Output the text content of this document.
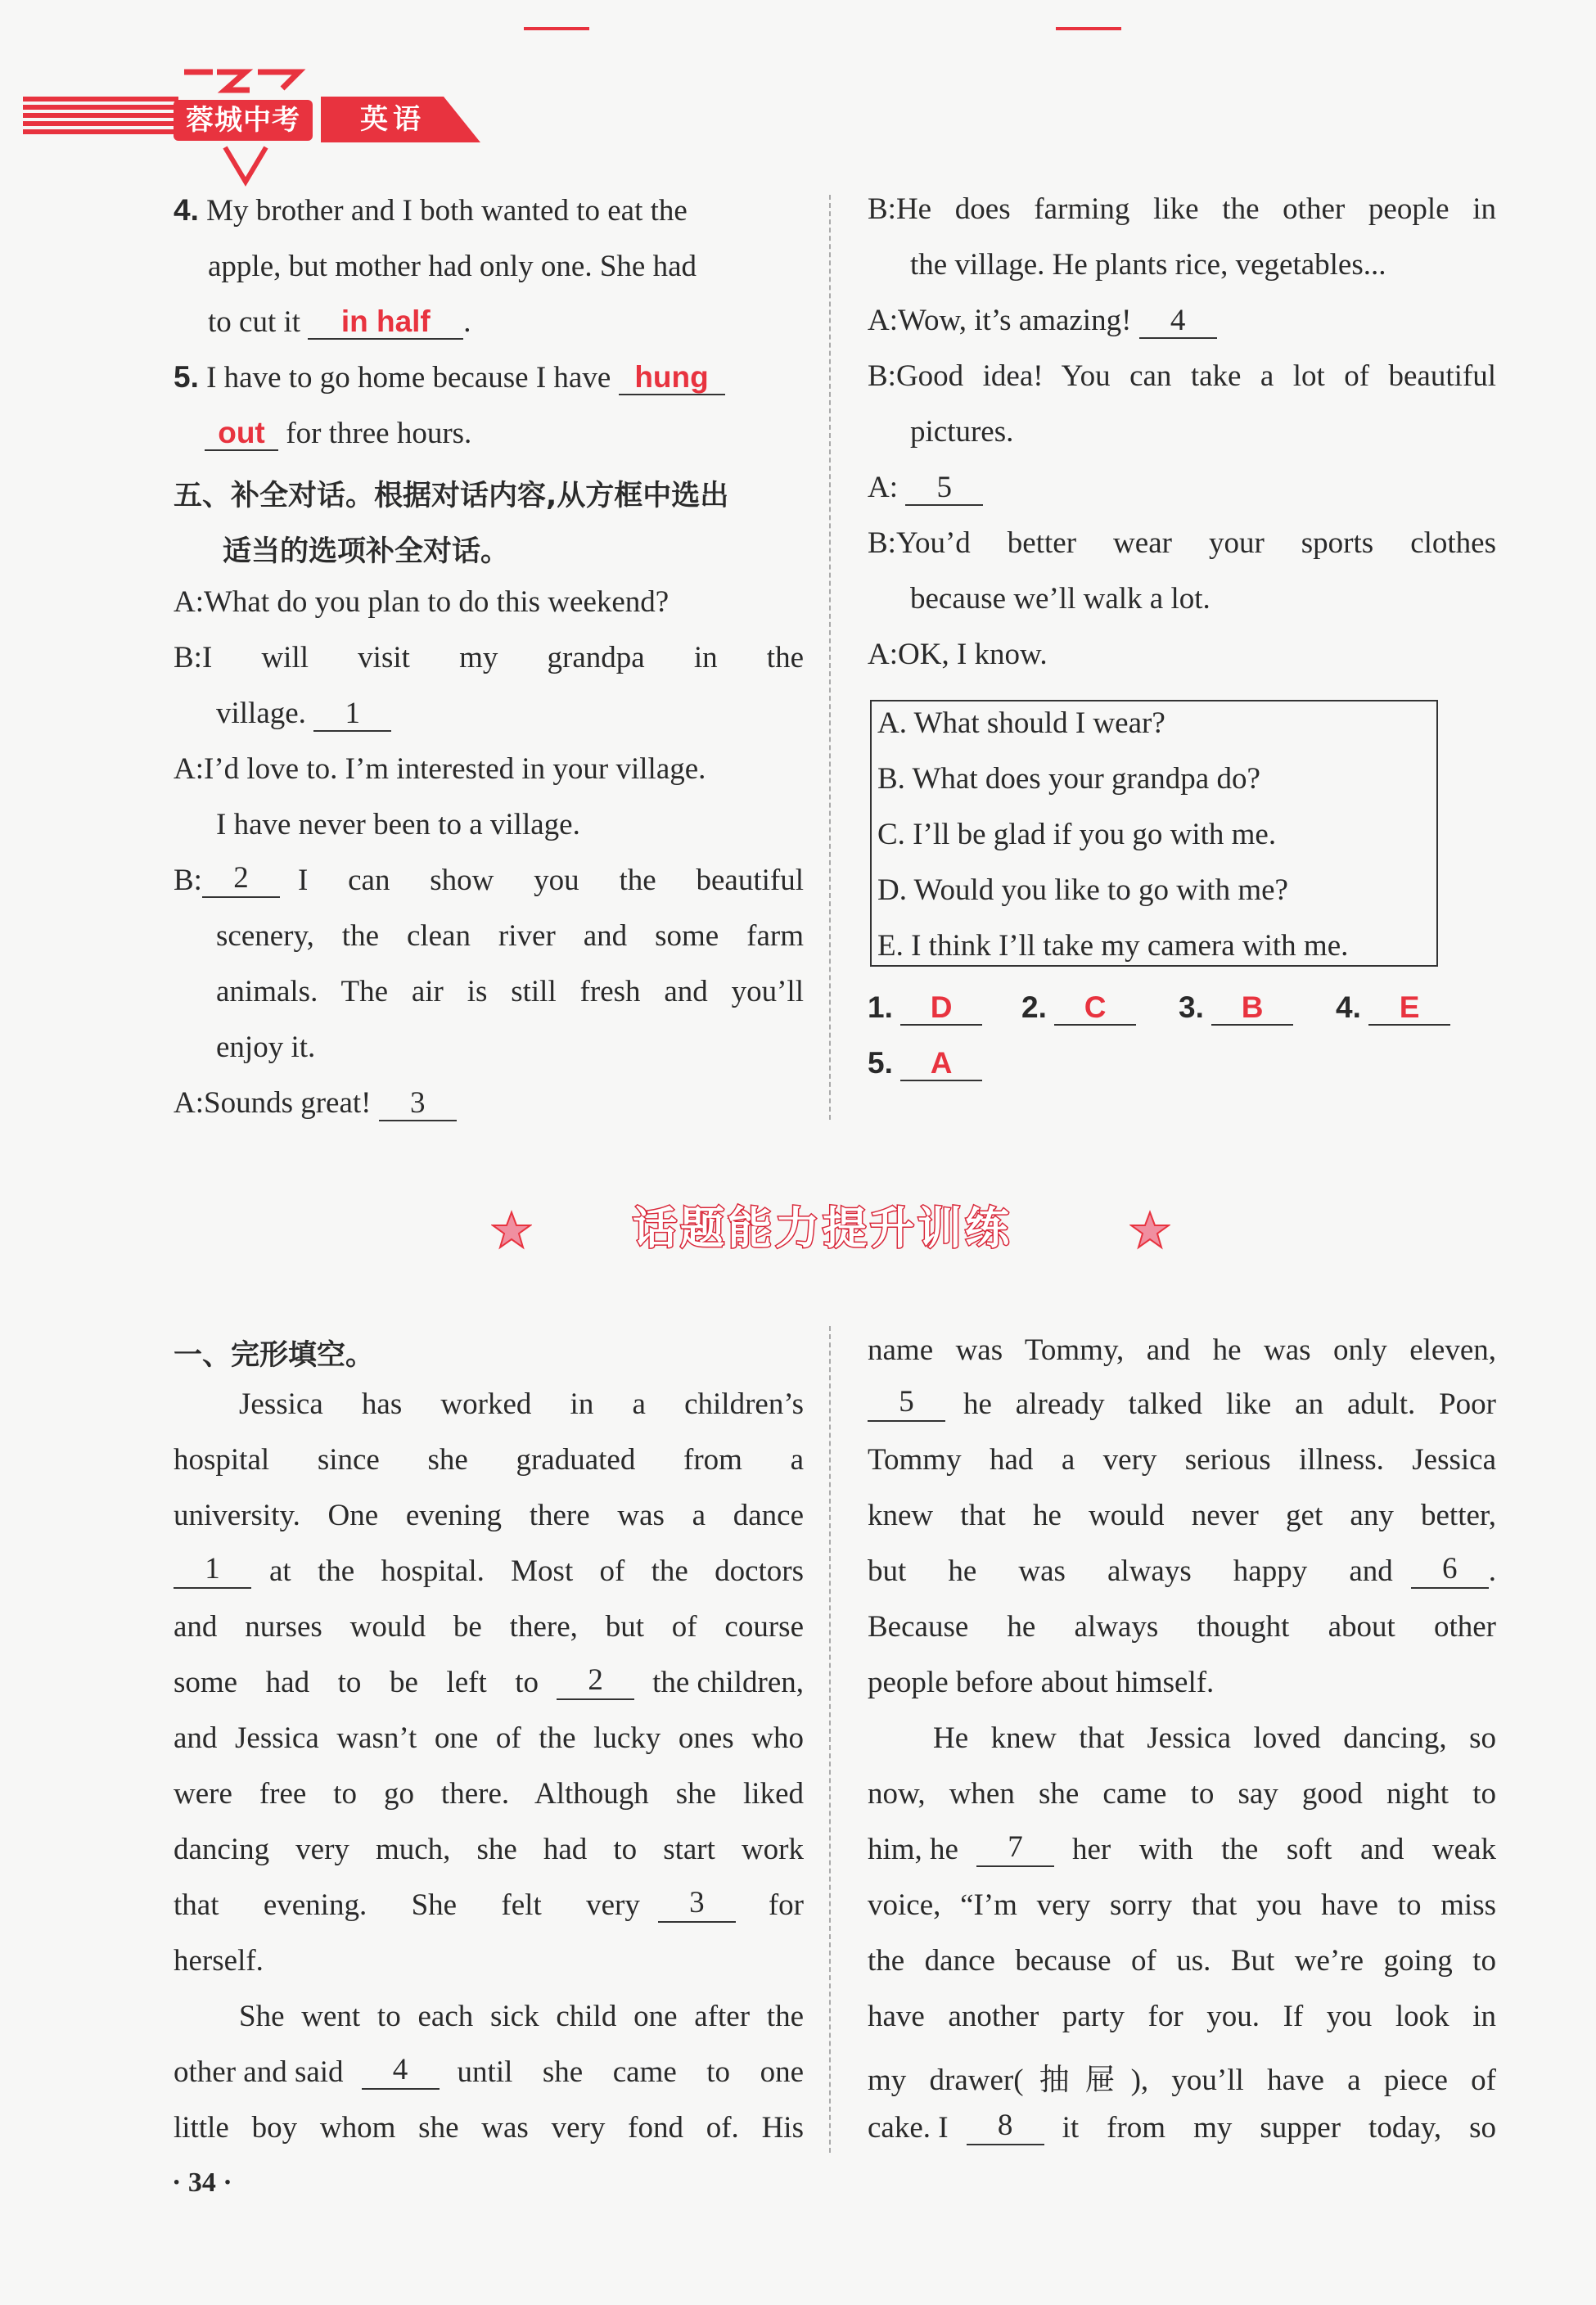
蓉城中考	英语
4. My brother and I both wanted to eat the
apple, but mother had only one. She had
to cut it in half .
5. I have to go home because I have hung
out for three hours.
五、补全对话。根据对话内容,从方框中选出
适当的选项补全对话。
A:What do you plan to do this weekend?
B:I will visit my grandpa in the
village. 1
A:I’d love to. I’m interested in your village.
I have never been to a village.
B:	2	I can show you the beautiful
scenery, the clean river and some farm
animals. The air is still fresh and you’ll
enjoy it.
A:Sounds great! 3
B:He does farming like the other people in
the village. He plants rice, vegetables...
A:Wow, it’s amazing! 4
B:Good idea! You can take a lot of beautiful
pictures.
A: 5
B:You’d better wear your sports clothes
because we’ll walk a lot.
A:OK, I know.
A. What should I wear?
B. What does your grandpa do?
C. I’ll be glad if you go with me.
D. Would you like to go with me?
E. I think I’ll take my camera with me.
1. D	2. C	3. B	4. E
5. A
话题能力提升训练
一、完形填空。
Jessica has worked in a children’s
hospital since she graduated from a
university. One evening there was a dance
1	at the hospital. Most of the doctors
and nurses would be there, but of course
some had to be left to	2	the children,
and Jessica wasn’t one of the lucky ones who
were free to go there. Although she liked
dancing very much, she had to start work
that evening. She felt very	3	for
herself.
She went to each sick child one after the
other and said	4	until she came to one
little boy whom she was very fond of. His
name was Tommy, and he was only eleven,
5	he already talked like an adult. Poor
Tommy had a very serious illness. Jessica
knew that he would never get any better,
but he was always happy and	6	.
Because he always thought about other
people before about himself.
He knew that Jessica loved dancing, so
now, when she came to say good night to
him, he	7	her with the soft and weak
voice, “I’m very sorry that you have to miss
the dance because of us. But we’re going to
have another party for you. If you look in
my drawer(抽屉), you’ll have a piece of
cake. I	8	it from my supper today, so
· 34 ·
